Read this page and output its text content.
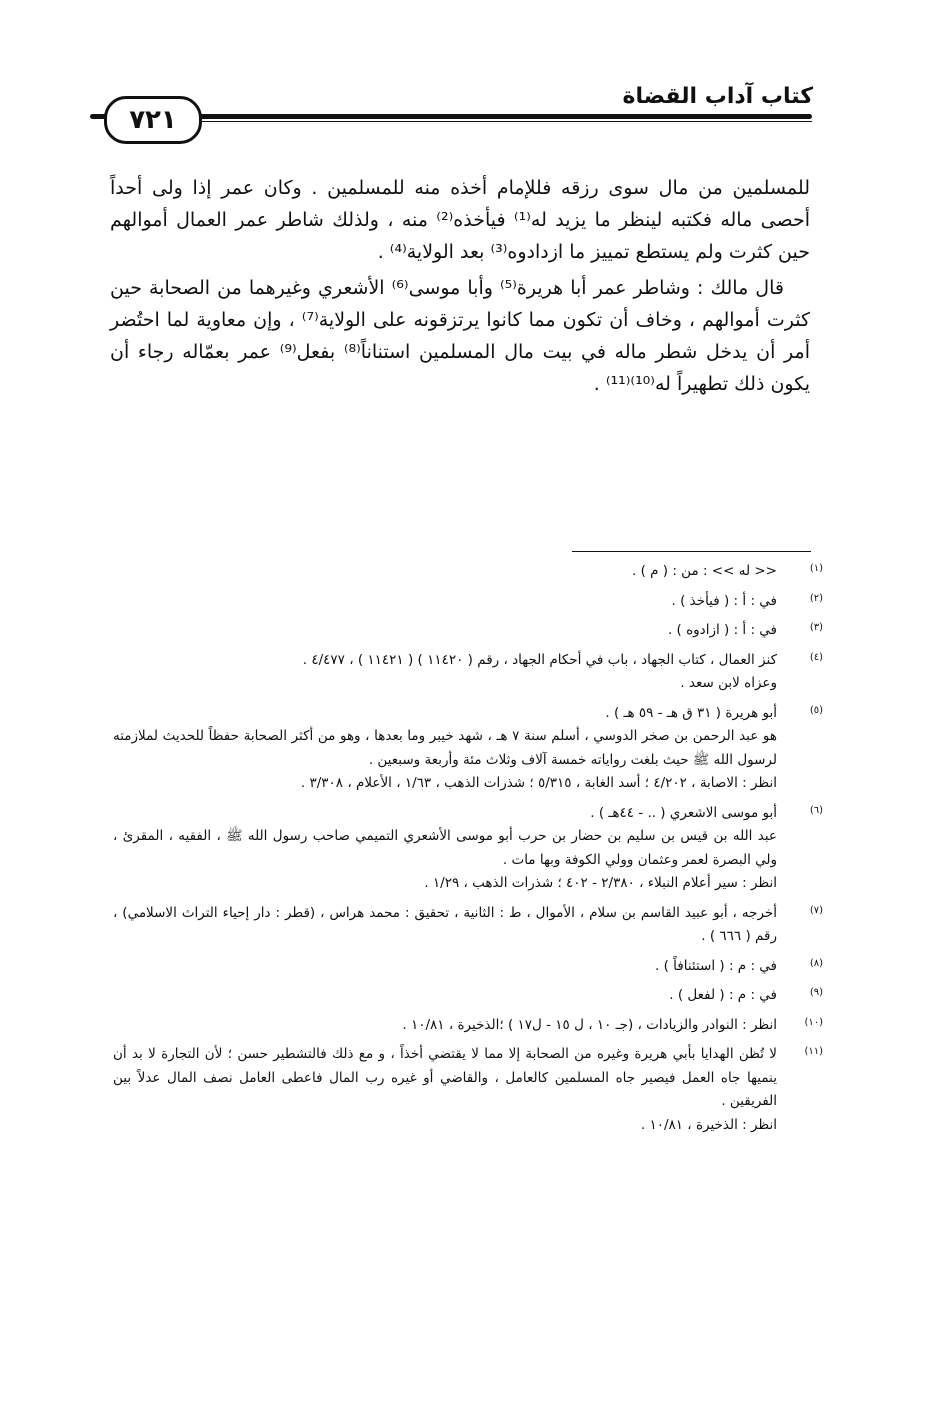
كتاب آداب القضاة
٧٢١

للمسلمين من مال سوى رزقه فللإمام أخذه منه للمسلمين . وكان عمر إذا ولى أحداً أحصى ماله فكتبه لينظر ما يزيد له⁽¹⁾ فيأخذه⁽²⁾ منه ، ولذلك شاطر عمر العمال أموالهم حين كثرت ولم يستطع تمييز ما ازدادوه⁽³⁾ بعد الولاية⁽⁴⁾ .

قال مالك : وشاطر عمر أبا هريرة⁽⁵⁾ وأبا موسى⁽⁶⁾ الأشعري وغيرهما من الصحابة حين كثرت أموالهم ، وخاف أن تكون مما كانوا يرتزقونه على الولاية⁽⁷⁾ ، وإن معاوية لما احتُضر أمر أن يدخل شطر ماله في بيت مال المسلمين استناناً⁽⁸⁾ بفعل⁽⁹⁾ عمر بعمّاله رجاء أن يكون ذلك تطهيراً له⁽¹⁰⁾⁽¹¹⁾ .

(١)
<< له >> : من : ( م ) .
(٢)
في : أ : ( فيأخذ ) .
(٣)
في : أ : ( ازادوه ) .
(٤)
كنز العمال ، كتاب الجهاد ، باب في أحكام الجهاد ، رقم ( ١١٤٢٠ ) ( ١١٤٢١ ) ، ٤/٤٧٧ .
وعزاه لابن سعد .
(٥)
أبو هريرة ( ٣١ ق هـ - ٥٩ هـ ) .
هو عبد الرحمن بن صخر الدوسي ، أسلم سنة ٧ هـ ، شهد خيبر وما بعدها ، وهو من أكثر الصحابة حفظاً للحديث لملازمته لرسول الله ﷺ حيث بلغت رواياته خمسة آلاف وثلاث مئة وأربعة وسبعين .
انظر : الاصابة ، ٤/٢٠٢ ؛ أسد الغابة ، ٥/٣١٥ ؛ شذرات الذهب ، ١/٦٣ ، الأعلام ، ٣/٣٠٨ .
(٦)
أبو موسى الاشعري ( .. - ٤٤هـ ) .
عبد الله بن قيس بن سليم بن حضار بن حرب أبو موسى الأشعري التميمي صاحب رسول الله ﷺ ، الفقيه ، المقرئ ، ولي البصرة لعمر وعثمان وولي الكوفة وبها مات .
انظر : سير أعلام النبلاء ، ٢/٣٨٠ - ٤٠٢ ؛ شذرات الذهب ، ١/٢٩ .
(٧)
أخرجه ، أبو عبيد القاسم بن سلام ، الأموال ، ط : الثانية ، تحقيق : محمد هراس ، (قطر : دار إحياء التراث الاسلامي) ، رقم ( ٦٦٦ ) .
(٨)
في : م : ( استئنافاً ) .
(٩)
في : م : ( لفعل ) .
(١٠)
انظر : النوادر والزيادات ، (جـ ١٠ ، ل ١٥ - ل١٧ ) ؛الذخيرة ، ١٠/٨١ .
(١١)
لا تُظن الهدايا بأبي هريرة وغيره من الصحابة إلا مما لا يقتضي أخذاً ، و مع ذلك فالتشطير حسن ؛ لأن التجارة لا بد أن ينميها جاه العمل فيصير جاه المسلمين كالعامل ، والقاضي أو غيره رب المال فاعطى العامل نصف المال عدلاً بين الفريقين .
انظر : الذخيرة ، ١٠/٨١ .
